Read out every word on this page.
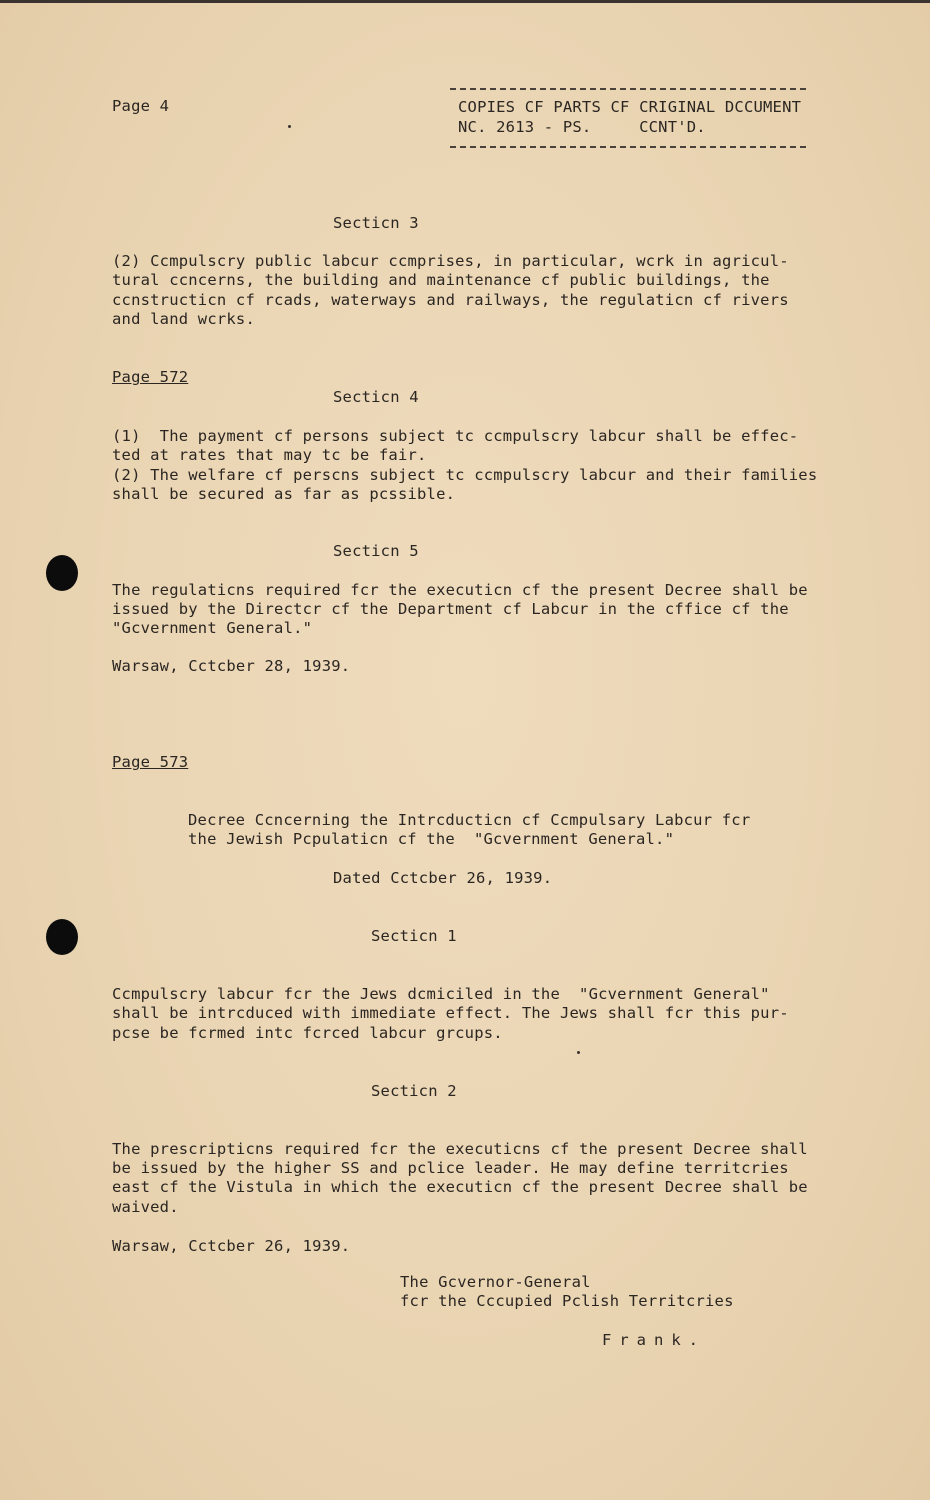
Page 4	COPIES CF PARTS CF CRIGINAL DCCUMENT
NC. 2613 - PS.     CCNT'D.
Secticn 3
(2) Ccmpulscry public labcur ccmprises, in particular, wcrk in agricul-
tural ccncerns, the building and maintenance cf public buildings, the
ccnstructicn cf rcads, waterways and railways, the regulaticn cf rivers
and land wcrks.
Page 572
Secticn 4
(1)  The payment cf persons subject tc ccmpulscry labcur shall be effec-
ted at rates that may tc be fair.
(2) The welfare cf perscns subject tc ccmpulscry labcur and their families
shall be secured as far as pcssible.
Secticn 5
The regulaticns required fcr the executicn cf the present Decree shall be
issued by the Directcr cf the Department cf Labcur in the cffice cf the
"Gcvernment General."
Warsaw, Cctcber 28, 1939.
Page 573
Decree Ccncerning the Intrcducticn cf Ccmpulsary Labcur fcr
the Jewish Pcpulaticn cf the  "Gcvernment General."
Dated Cctcber 26, 1939.
Secticn 1
Ccmpulscry labcur fcr the Jews dcmiciled in the  "Gcvernment General"
shall be intrcduced with immediate effect. The Jews shall fcr this pur-
pcse be fcrmed intc fcrced labcur grcups.
Secticn 2
The prescripticns required fcr the executicns cf the present Decree shall
be issued by the higher SS and pclice leader. He may define territcries
east cf the Vistula in which the executicn cf the present Decree shall be
waived.
Warsaw, Cctcber 26, 1939.
The Gcvernor-General
fcr the Cccupied Pclish Territcries
Frank.
